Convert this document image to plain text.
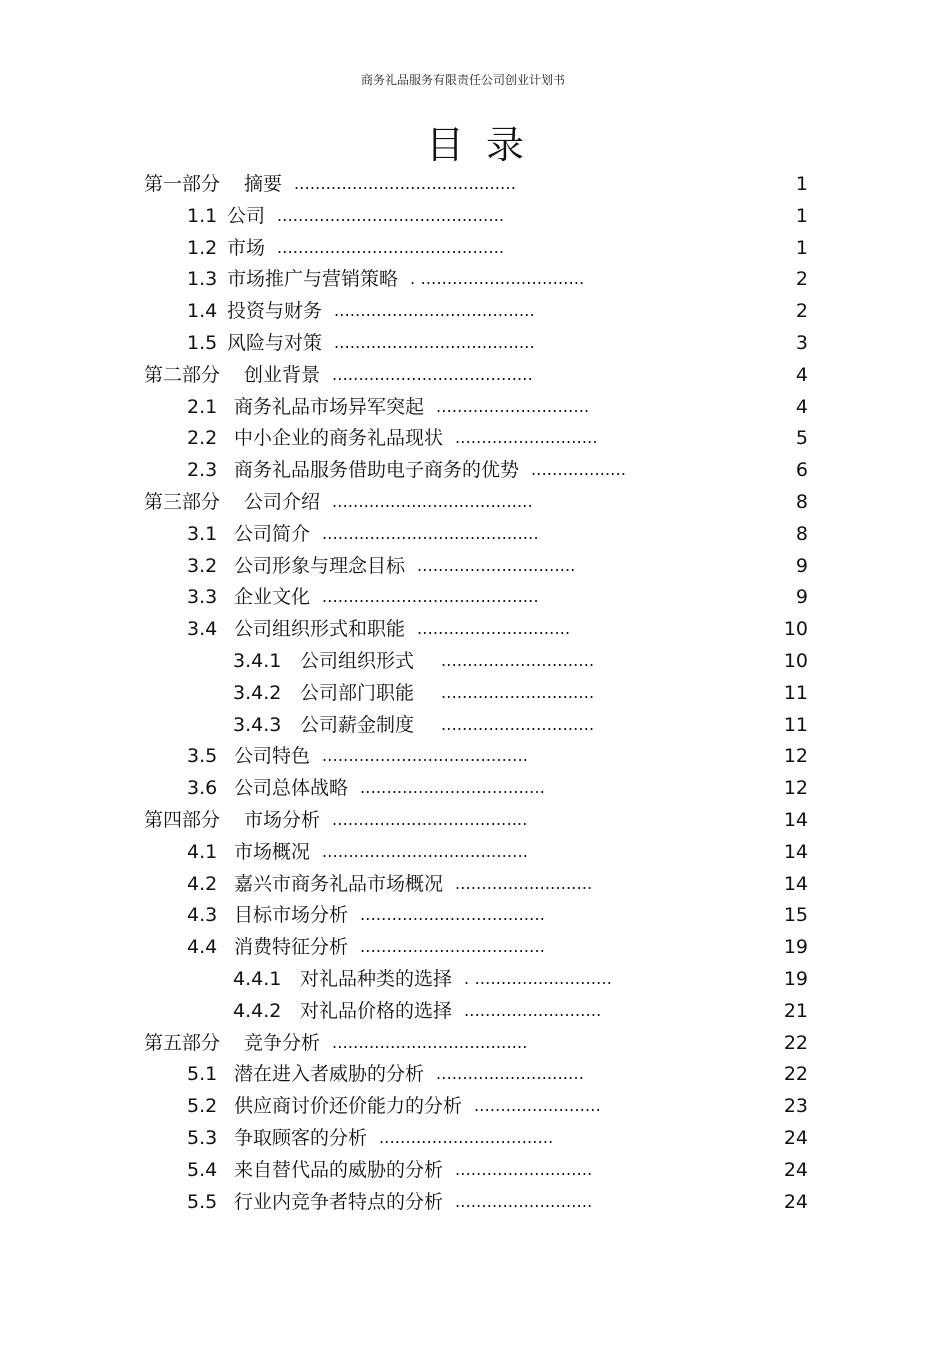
商务礼品服务有限责任公司创业计划书
目录
第一部分 摘要 ..........................................	1
1.1 公司 ...........................................	1
1.2 市场 ...........................................	1
1.3 市场推广与营销策略 . ...............................	2
1.4 投资与财务 ......................................	2
1.5 风险与对策 ......................................	3
第二部分 创业背景 ......................................	4
2.1 商务礼品市场异军突起 .............................	4
2.2 中小企业的商务礼品现状 ...........................	5
2.3 商务礼品服务借助电子商务的优势 ..................	6
第三部分 公司介绍 ......................................	8
3.1 公司简介 .........................................	8
3.2 公司形象与理念目标 ..............................	9
3.3 企业文化 .........................................	9
3.4 公司组织形式和职能 .............................	10
3.4.1 公司组织形式 .............................	10
3.4.2 公司部门职能 .............................	11
3.4.3 公司薪金制度 .............................	11
3.5 公司特色 .......................................	12
3.6 公司总体战略 ...................................	12
第四部分 市场分析 .....................................	14
4.1 市场概况 .......................................	14
4.2 嘉兴市商务礼品市场概况 ..........................	14
4.3 目标市场分析 ...................................	15
4.4 消费特征分析 ...................................	19
4.4.1 对礼品种类的选择 . ..........................	19
4.4.2 对礼品价格的选择 ..........................	21
第五部分 竞争分析 .....................................	22
5.1 潜在进入者威胁的分析 ............................	22
5.2 供应商讨价还价能力的分析 ........................	23
5.3 争取顾客的分析 .................................	24
5.4 来自替代品的威胁的分析 ..........................	24
5.5 行业内竞争者特点的分析 ..........................	24
